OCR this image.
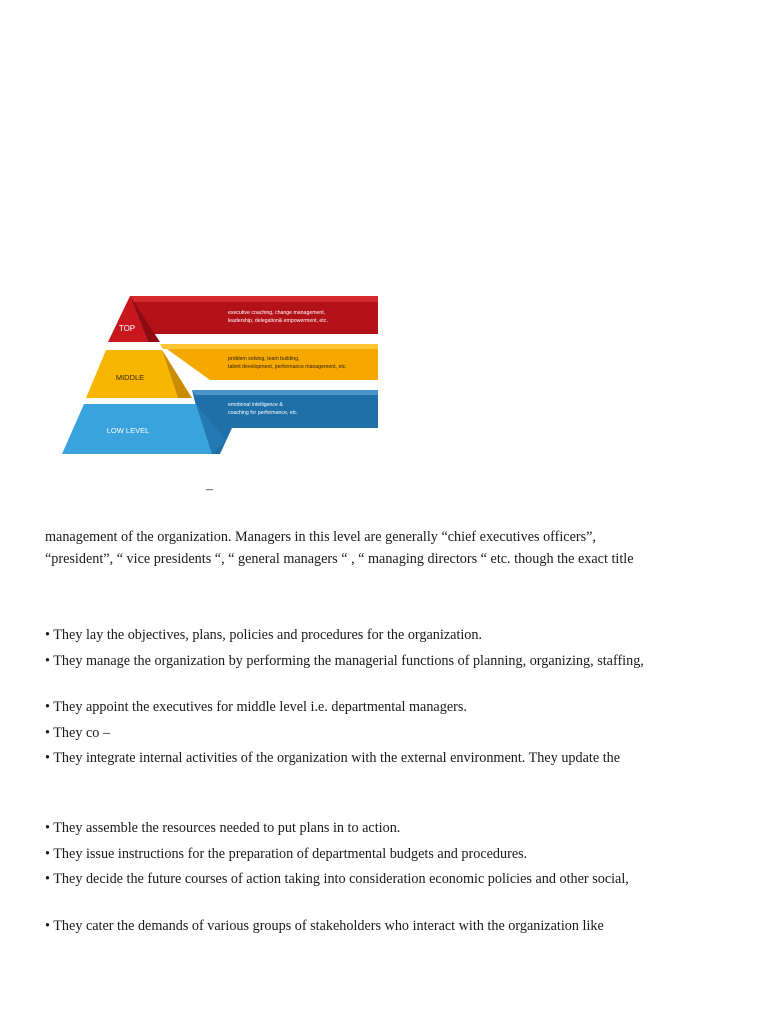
TOP
MIDDLE
LOW LEVEL
executive coaching, change management,
leadership, delegation& empowerment, etc.
problem solving, team building,
talent development, performance management, etc.
emotional intelligence &
coaching for performance, etc.
–
management of the organization. Managers in this level are generally “chief executives officers”,
“president”, “ vice presidents “, “ general managers “ , “ managing directors “ etc. though the exact title
• They lay the objectives, plans, policies and procedures for the organization.
• They manage the organization by performing the managerial functions of planning, organizing, staffing,
• They appoint the executives for middle level i.e. departmental managers.
• They co –
• They integrate internal activities of the organization with the external environment. They update the
• They assemble the resources needed to put plans in to action.
• They issue instructions for the preparation of departmental budgets and procedures.
• They decide the future courses of action taking into consideration economic policies and other social,
• They cater the demands of various groups of stakeholders who interact with the organization like
